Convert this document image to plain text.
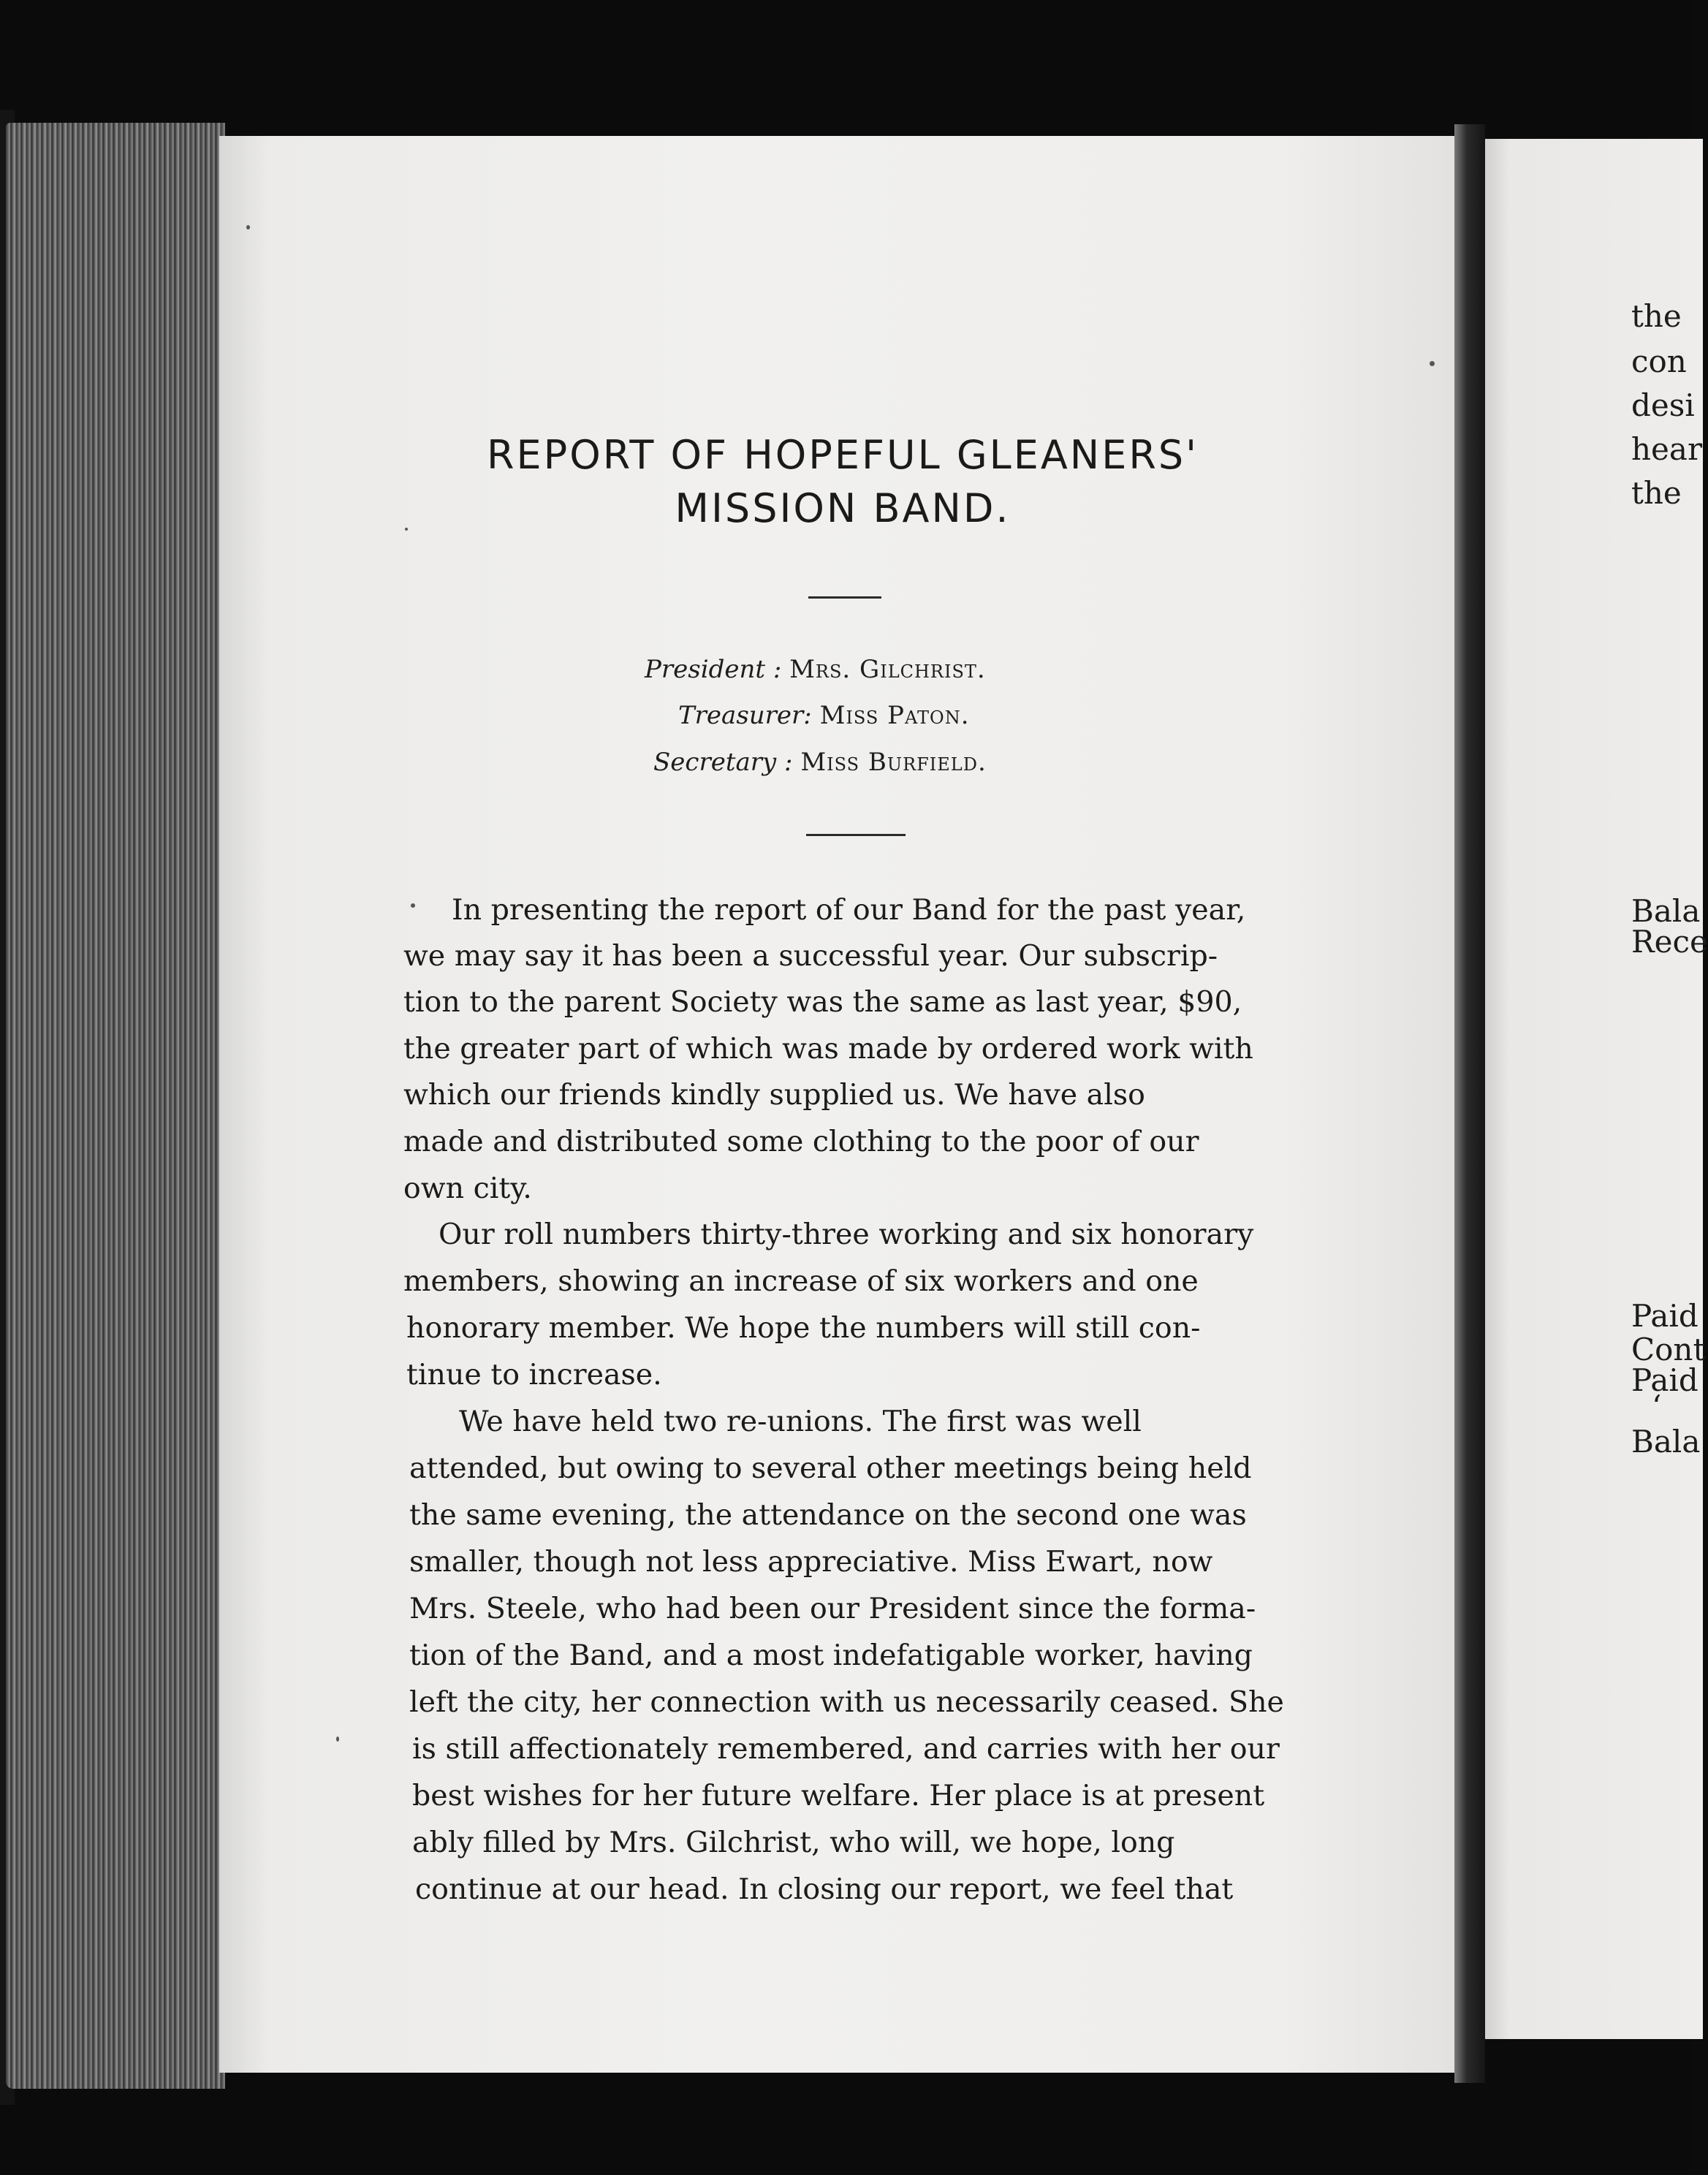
the
con
desi
hear
the
Bala
Rece
Paid
Cont
Paid
‘
Bala
REPORT OF HOPEFUL GLEANERS'
MISSION BAND.
President : Mrs. Gilchrist.
Treasurer: Miss Paton.
Secretary : Miss Burfield.
In presenting the report of our Band for the past year,
we may say it has been a successful year. Our subscrip-
tion to the parent Society was the same as last year, $90,
the greater part of which was made by ordered work with
which our friends kindly supplied us. We have also
made and distributed some clothing to the poor of our
own city.
Our roll numbers thirty-three working and six honorary
members, showing an increase of six workers and one
honorary member. We hope the numbers will still con-
tinue to increase.
We have held two re-unions. The first was well
attended, but owing to several other meetings being held
the same evening, the attendance on the second one was
smaller, though not less appreciative. Miss Ewart, now
Mrs. Steele, who had been our President since the forma-
tion of the Band, and a most indefatigable worker, having
left the city, her connection with us necessarily ceased. She
is still affectionately remembered, and carries with her our
best wishes for her future welfare. Her place is at present
ably filled by Mrs. Gilchrist, who will, we hope, long
continue at our head. In closing our report, we feel that
